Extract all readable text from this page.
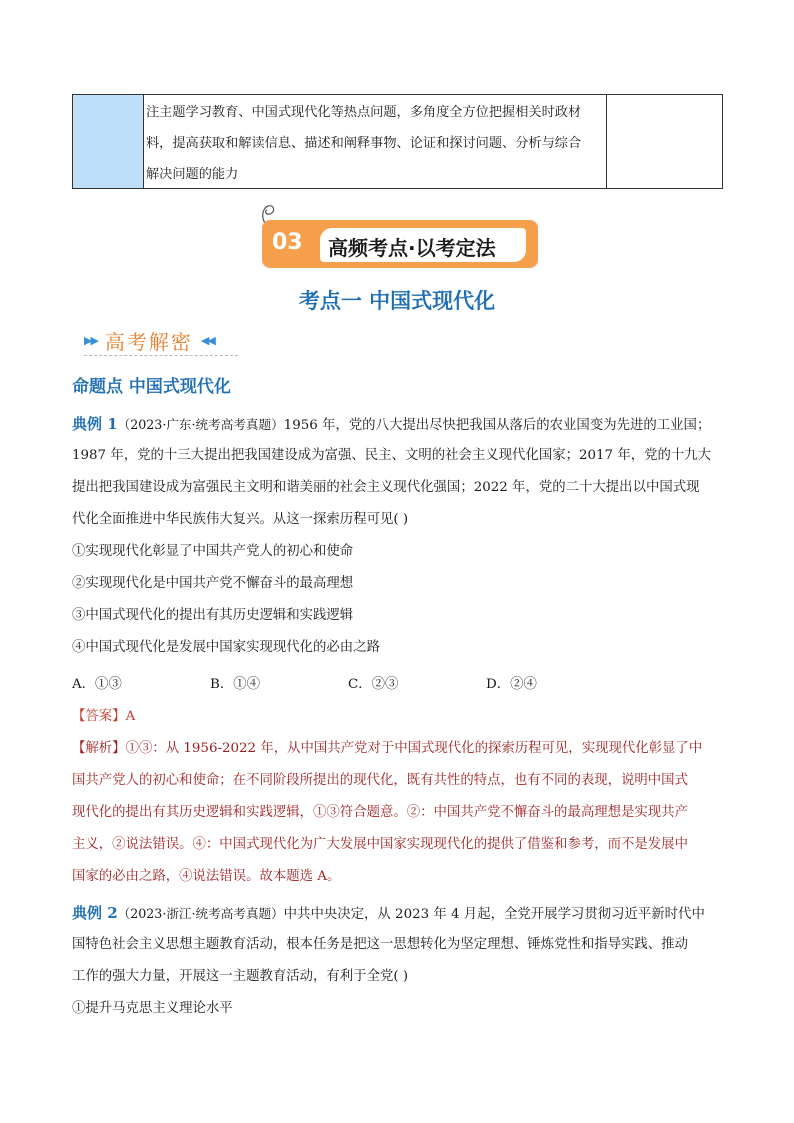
注主题学习教育、中国式现代化等热点问题，多角度全方位把握相关时政材
料，提高获取和解读信息、描述和阐释事物、论证和探讨问题、分析与综合
解决问题的能力
03 高频考点·以考定法
考点一 中国式现代化
▶▶ 高考解密 ◀◀
命题点 中国式现代化
典例 1（2023·广东·统考高考真题）1956 年，党的八大提出尽快把我国从落后的农业国变为先进的工业国；
1987 年，党的十三大提出把我国建设成为富强、民主、文明的社会主义现代化国家；2017 年，党的十九大
提出把我国建设成为富强民主文明和谐美丽的社会主义现代化强国；2022 年，党的二十大提出以中国式现
代化全面推进中华民族伟大复兴。从这一探索历程可见( )
①实现现代化彰显了中国共产党人的初心和使命
②实现现代化是中国共产党不懈奋斗的最高理想
③中国式现代化的提出有其历史逻辑和实践逻辑
④中国式现代化是发展中国家实现现代化的必由之路
A．①③	B．①④	C．②③	D．②④
【答案】A
【解析】①③：从 1956-2022 年，从中国共产党对于中国式现代化的探索历程可见，实现现代化彰显了中
国共产党人的初心和使命；在不同阶段所提出的现代化，既有共性的特点，也有不同的表现，说明中国式
现代化的提出有其历史逻辑和实践逻辑，①③符合题意。②：中国共产党不懈奋斗的最高理想是实现共产
主义，②说法错误。④：中国式现代化为广大发展中国家实现现代化的提供了借鉴和参考，而不是发展中
国家的必由之路，④说法错误。故本题选 A。
典例 2（2023·浙江·统考高考真题）中共中央决定，从 2023 年 4 月起，全党开展学习贯彻习近平新时代中
国特色社会主义思想主题教育活动，根本任务是把这一思想转化为坚定理想、锤炼党性和指导实践、推动
工作的强大力量，开展这一主题教育活动，有利于全党( )
①提升马克思主义理论水平
